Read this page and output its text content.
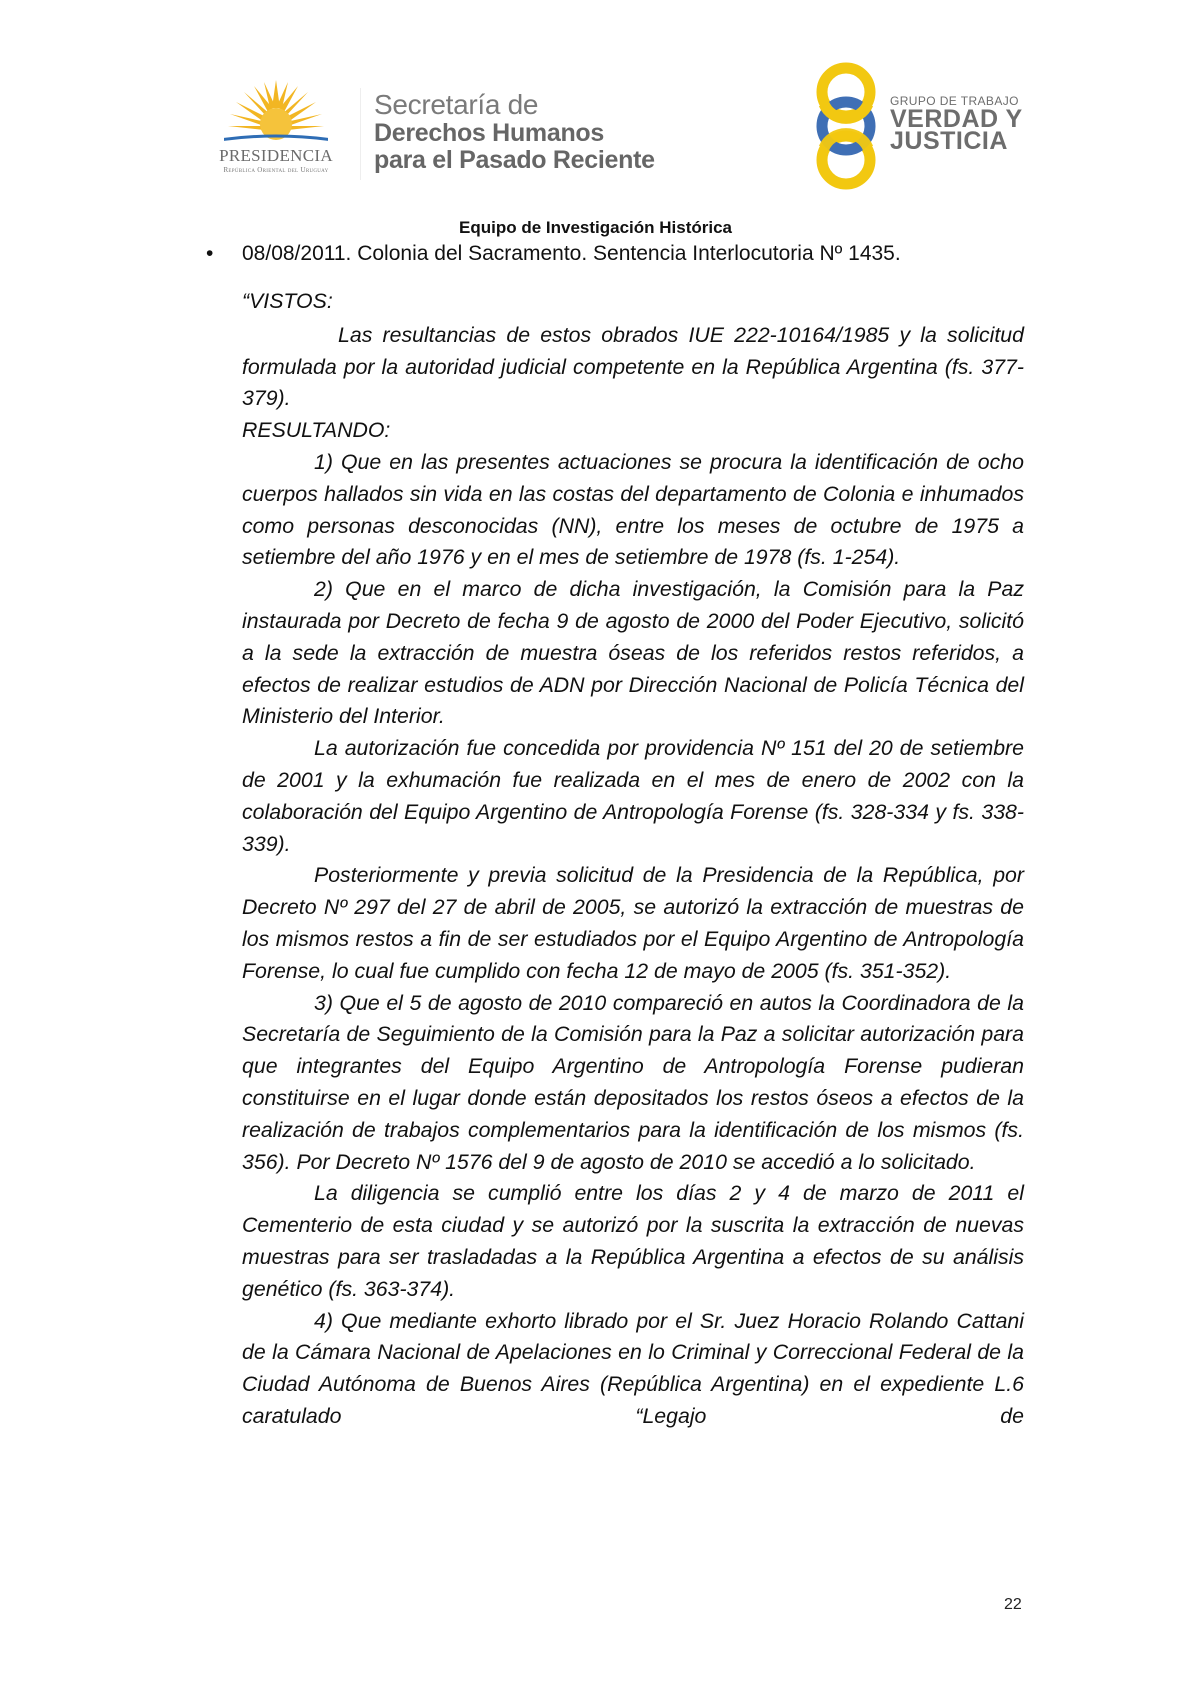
PRESIDENCIA
República Oriental del Uruguay
Secretaría de
Derechos Humanos
para el Pasado Reciente
GRUPO DE TRABAJO
VERDAD Y
JUSTICIA
Equipo de Investigación Histórica
• 08/08/2011. Colonia del Sacramento. Sentencia Interlocutoria Nº 1435.

“VISTOS:

Las resultancias de estos obrados IUE 222-10164/1985 y la solicitud formulada por la autoridad judicial competente en la República Argentina (fs. 377-379).

RESULTANDO:

1) Que en las presentes actuaciones se procura la identificación de ocho cuerpos hallados sin vida en las costas del departamento de Colonia e inhumados como personas desconocidas (NN), entre los meses de octubre de 1975 a setiembre del año 1976 y en el mes de setiembre de 1978 (fs. 1-254).

2) Que en el marco de dicha investigación, la Comisión para la Paz instaurada por Decreto de fecha 9 de agosto de 2000 del Poder Ejecutivo, solicitó a la sede la extracción de muestra óseas de los referidos restos referidos, a efectos de realizar estudios de ADN por Dirección Nacional de Policía Técnica del Ministerio del Interior.

La autorización fue concedida por providencia Nº 151 del 20 de setiembre de 2001 y la exhumación fue realizada en el mes de enero de 2002 con la colaboración del Equipo Argentino de Antropología Forense (fs. 328-334 y fs. 338-339).

Posteriormente y previa solicitud de la Presidencia de la República, por Decreto Nº 297 del 27 de abril de 2005, se autorizó la extracción de muestras de los mismos restos a fin de ser estudiados por el Equipo Argentino de Antropología Forense, lo cual fue cumplido con fecha 12 de mayo de 2005 (fs. 351-352).

3) Que el 5 de agosto de 2010 compareció en autos la Coordinadora de la Secretaría de Seguimiento de la Comisión para la Paz a solicitar autorización para que integrantes del Equipo Argentino de Antropología Forense pudieran constituirse en el lugar donde están depositados los restos óseos a efectos de la realización de trabajos complementarios para la identificación de los mismos (fs. 356). Por Decreto Nº 1576 del 9 de agosto de 2010 se accedió a lo solicitado.

La diligencia se cumplió entre los días 2 y 4 de marzo de 2011 el Cementerio de esta ciudad y se autorizó por la suscrita la extracción de nuevas muestras para ser trasladadas a la República Argentina a efectos de su análisis genético (fs. 363-374).

4) Que mediante exhorto librado por el Sr. Juez Horacio Rolando Cattani de la Cámara Nacional de Apelaciones en lo Criminal y Correccional Federal de la Ciudad Autónoma de Buenos Aires (República Argentina) en el expediente L.6 caratulado “Legajo de

22
